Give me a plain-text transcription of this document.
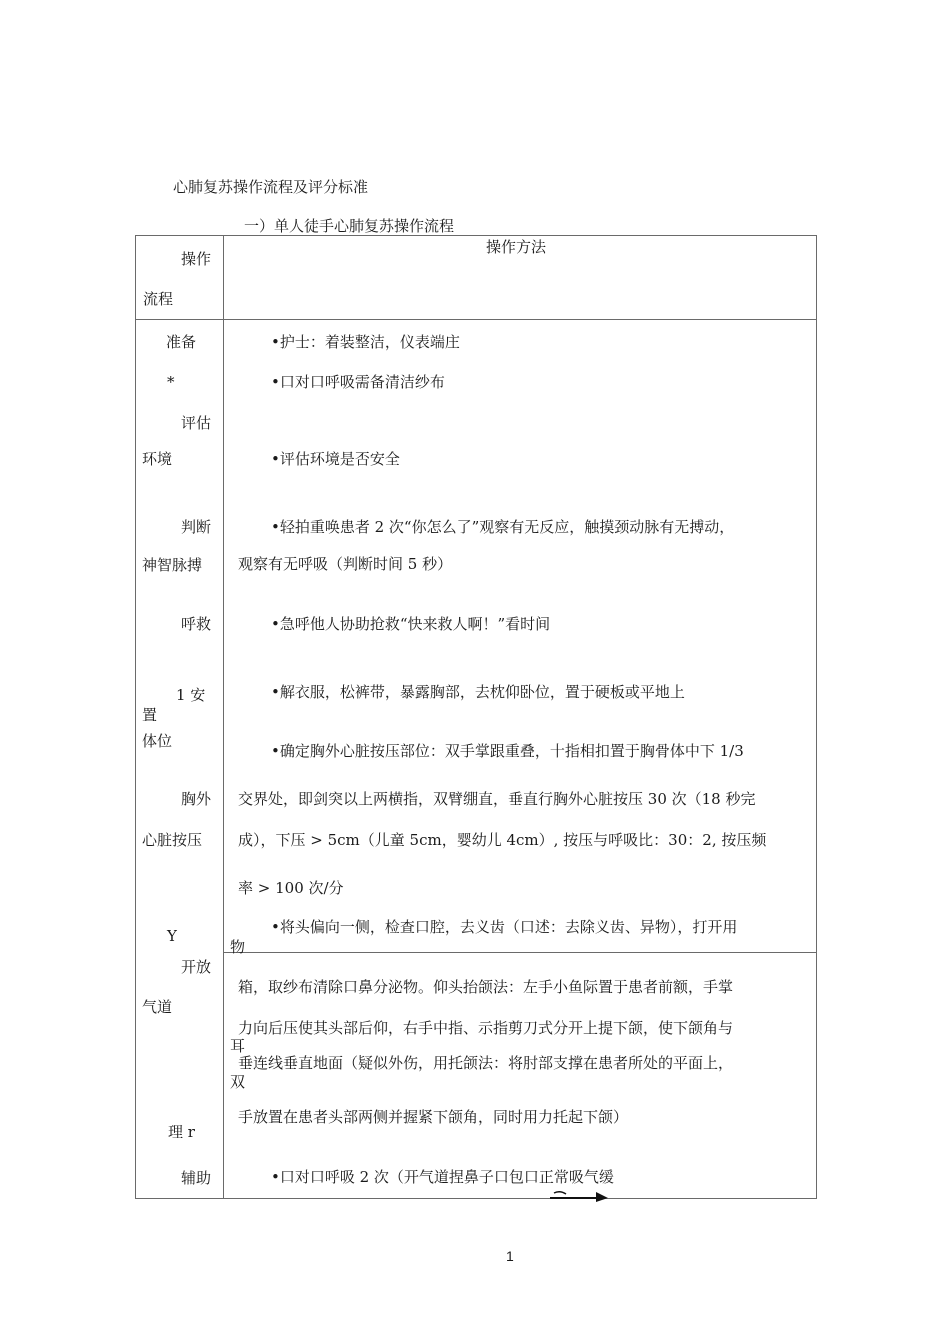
心肺复苏操作流程及评分标准
一）单人徒手心肺复苏操作流程
操作
流程
操作方法
准备
*
评估
环境
判断
神智脉搏
呼救
1 安
置
体位
胸外
心脏按压
Y
开放
气道
理 r
辅助
•护士：着装整洁，仪表端庄
•口对口呼吸需备清洁纱布
•评估环境是否安全
•轻拍重唤患者 2 次“你怎么了”观察有无反应，触摸颈动脉有无搏动，
观察有无呼吸（判断时间 5 秒）
•急呼他人协助抢救“快来救人啊！”看时间
•解衣服，松裤带，暴露胸部，去枕仰卧位，置于硬板或平地上
•确定胸外心脏按压部位：双手掌跟重叠，十指相扣置于胸骨体中下 1/3
交界处，即剑突以上两横指，双臂绷直，垂直行胸外心脏按压 30 次（18 秒完
成），下压 > 5cm（儿童 5cm，婴幼儿 4cm）, 按压与呼吸比：30：2, 按压频
率 > 100 次/分
•将头偏向一侧，检查口腔，去义齿（口述：去除义齿、异物），打开用
物
箱，取纱布清除口鼻分泌物。仰头抬颌法：左手小鱼际置于患者前额，手掌
力向后压使其头部后仰，右手中指、示指剪刀式分开上提下颌，使下颌角与
耳
垂连线垂直地面（疑似外伤，用托颌法：将肘部支撑在患者所处的平面上，
双
手放置在患者头部两侧并握紧下颌角，同时用力托起下颌）
•口对口呼吸 2 次（开气道捏鼻子口包口正常吸气缓
1
